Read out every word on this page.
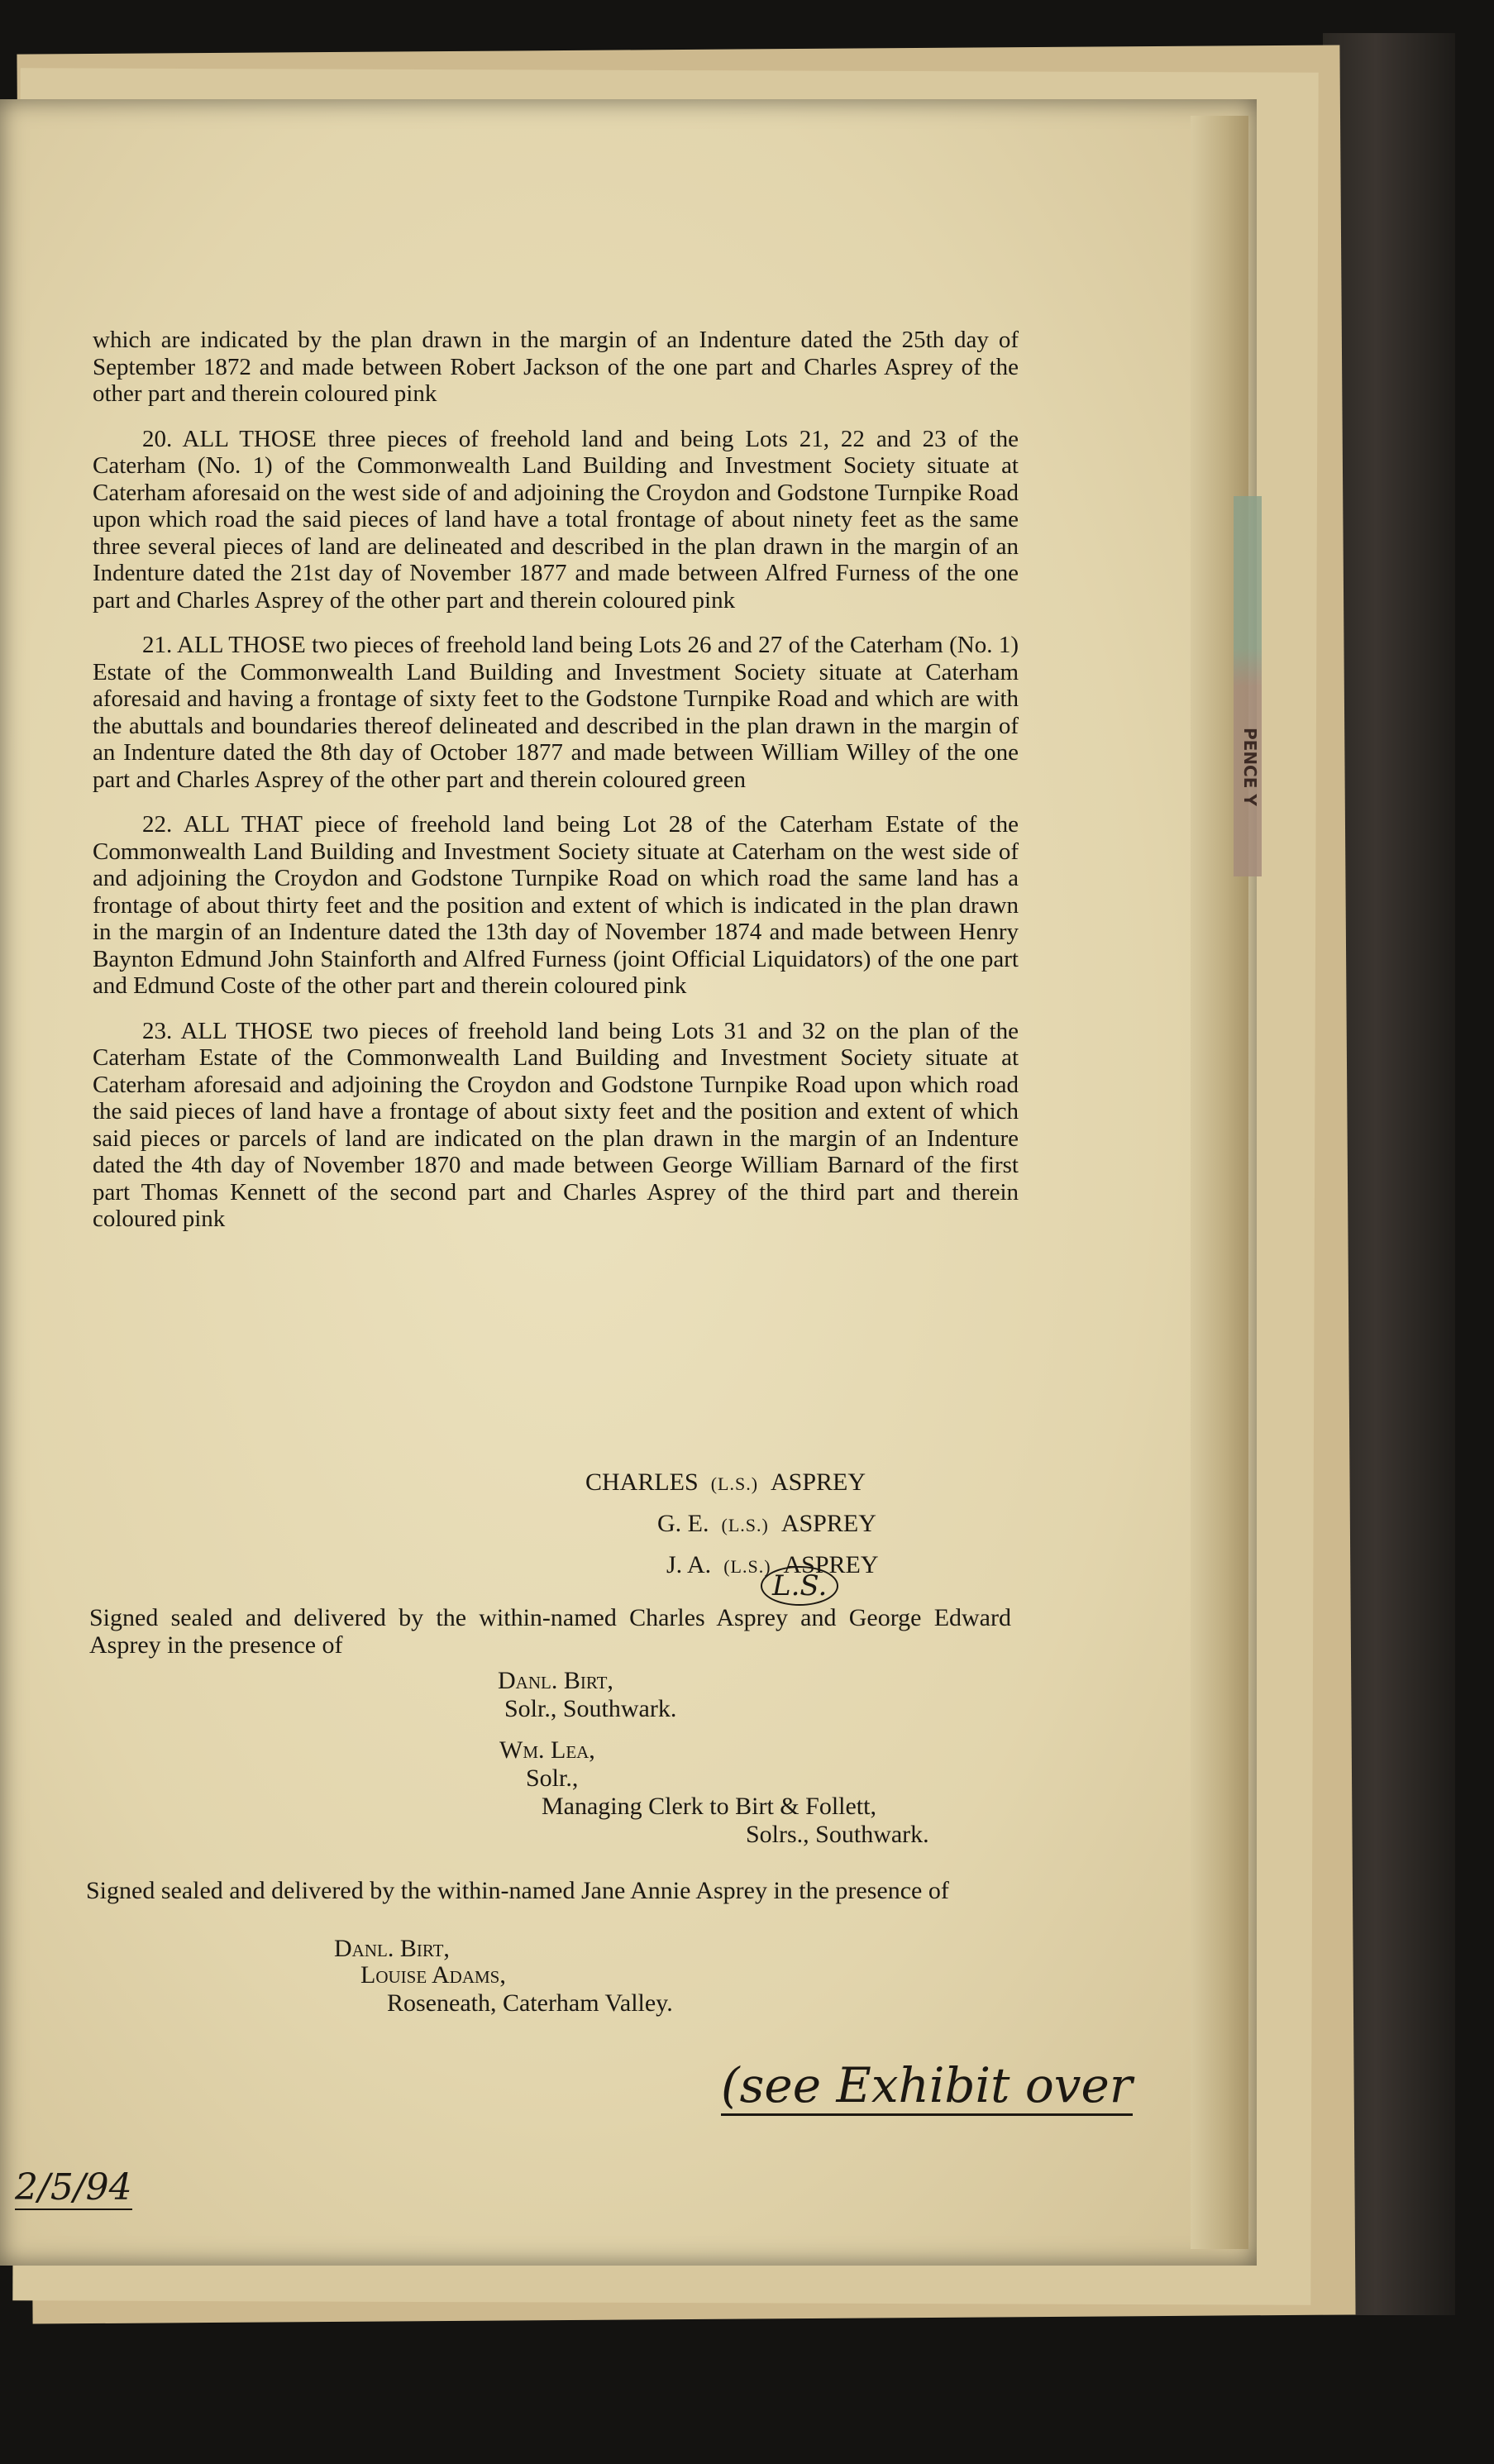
PENCE Y

which are indicated by the plan drawn in the margin of an Indenture dated the 25th day of September 1872 and made between Robert Jackson of the one part and Charles Asprey of the other part and therein coloured pink

20. ALL THOSE three pieces of freehold land and being Lots 21, 22 and 23 of the Caterham (No. 1) of the Commonwealth Land Building and Investment Society situate at Caterham aforesaid on the west side of and adjoining the Croydon and Godstone Turnpike Road upon which road the said pieces of land have a total frontage of about ninety feet as the same three several pieces of land are delineated and described in the plan drawn in the margin of an Indenture dated the 21st day of November 1877 and made between Alfred Furness of the one part and Charles Asprey of the other part and therein coloured pink

21. ALL THOSE two pieces of freehold land being Lots 26 and 27 of the Caterham (No. 1) Estate of the Commonwealth Land Building and Investment Society situate at Caterham aforesaid and having a frontage of sixty feet to the Godstone Turnpike Road and which are with the abuttals and boundaries thereof delineated and described in the plan drawn in the margin of an Indenture dated the 8th day of October 1877 and made between William Willey of the one part and Charles Asprey of the other part and therein coloured green

22. ALL THAT piece of freehold land being Lot 28 of the Caterham Estate of the Commonwealth Land Building and Investment Society situate at Caterham on the west side of and adjoining the Croydon and Godstone Turnpike Road on which road the same land has a frontage of about thirty feet and the position and extent of which is indicated in the plan drawn in the margin of an Indenture dated the 13th day of November 1874 and made between Henry Baynton Edmund John Stainforth and Alfred Furness (joint Official Liquidators) of the one part and Edmund Coste of the other part and therein coloured pink

23. ALL THOSE two pieces of freehold land being Lots 31 and 32 on the plan of the Caterham Estate of the Commonwealth Land Building and Investment Society situate at Caterham aforesaid and adjoining the Croydon and Godstone Turnpike Road upon which road the said pieces of land have a frontage of about sixty feet and the position and extent of which said pieces or parcels of land are indicated on the plan drawn in the margin of an Indenture dated the 4th day of November 1870 and made between George William Barnard of the first part Thomas Kennett of the second part and Charles Asprey of the third part and therein coloured pink

CHARLES (L.S.) ASPREY
G. E. (L.S.) ASPREY
J. A. (L.S.) ASPREY
L.S.
Signed sealed and delivered by the within-named Charles Asprey and George Edward Asprey in the presence of
Danl. Birt,
Solr., Southwark.
Wm. Lea,
Solr.,
Managing Clerk to Birt & Follett,
Solrs., Southwark.
Signed sealed and delivered by the within-named Jane Annie Asprey in the presence of
Danl. Birt,
Louise Adams,
Roseneath, Caterham Valley.
(see Exhibit over
2/5/94
